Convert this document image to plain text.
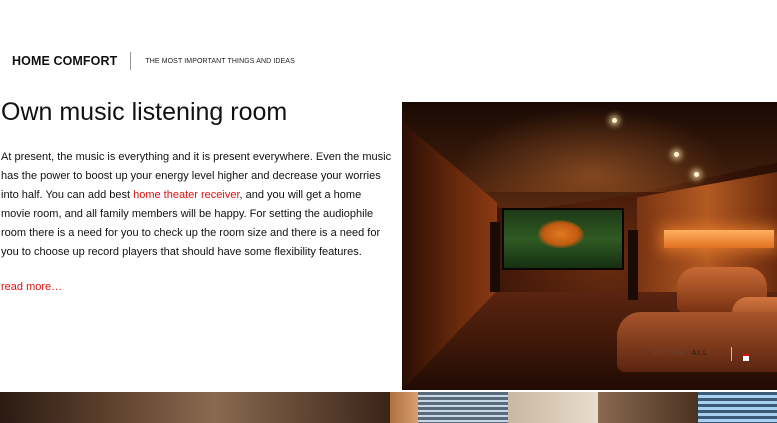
HOME COMFORT	THE MOST IMPORTANT THINGS AND IDEAS
Own music listening room

At present, the music is everything and it is present everywhere. Even the music has the power to boost up your energy level higher and decrease your worries into half. You can add best home theater receiver, and you will get a home movie room, and all family members will be happy. For setting the audiophile room there is a need for you to check up the room size and there is a need for you to choose up record players that should have some flexibility features.

read more…
FILTER ALL
